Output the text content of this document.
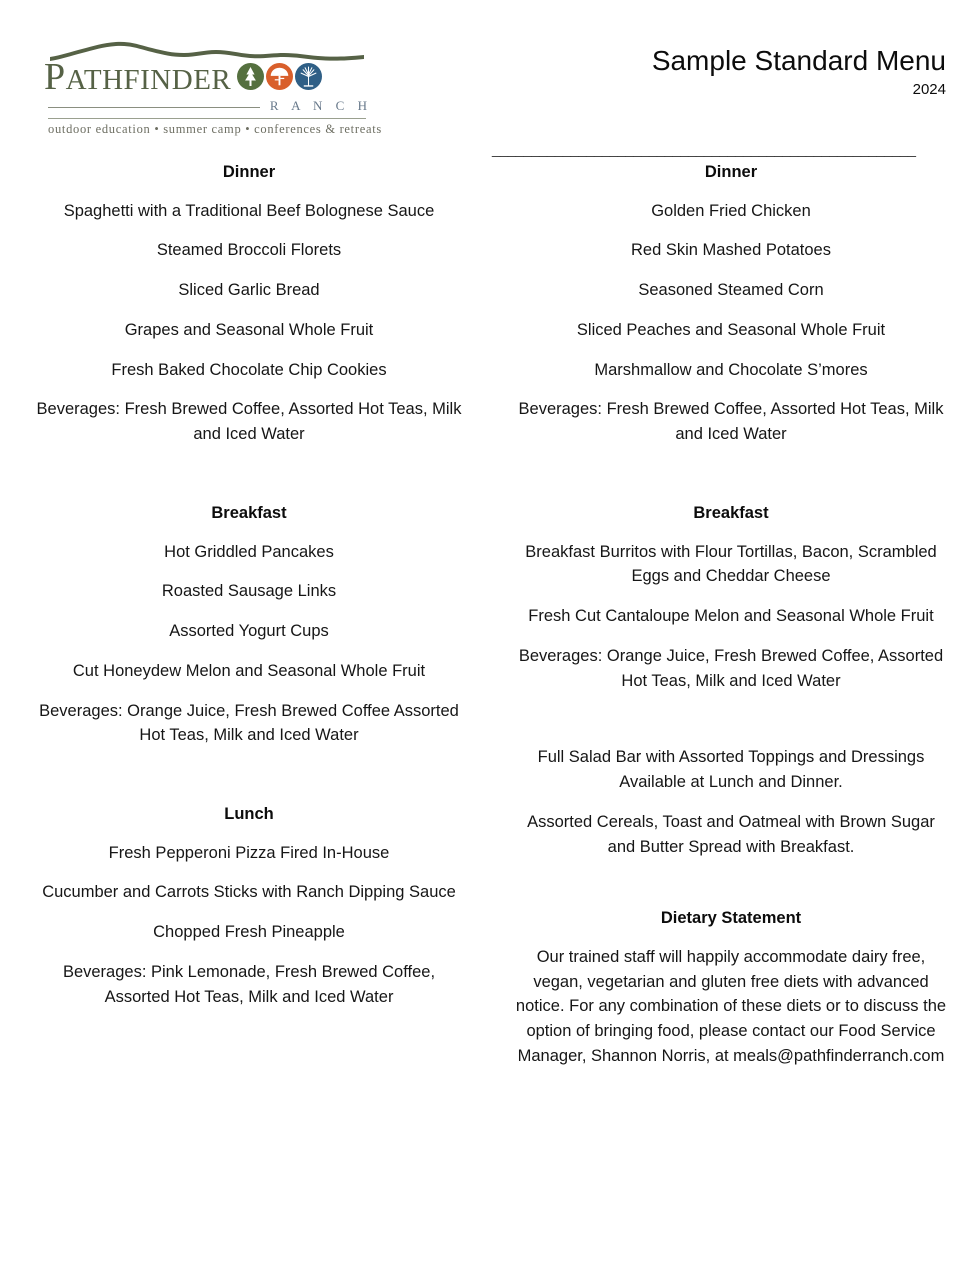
PATHFINDER
R A N C H
outdoor education • summer camp • conferences & retreats
Sample Standard Menu
2024
______________________________________________________
Dinner

Spaghetti with a Traditional Beef Bolognese Sauce

Steamed Broccoli Florets

Sliced Garlic Bread

Grapes and Seasonal Whole Fruit

Fresh Baked Chocolate Chip Cookies

Beverages: Fresh Brewed Coffee, Assorted Hot Teas, Milk and Iced Water

Breakfast

Hot Griddled Pancakes

Roasted Sausage Links

Assorted Yogurt Cups

Cut Honeydew Melon and Seasonal Whole Fruit

Beverages: Orange Juice, Fresh Brewed Coffee Assorted Hot Teas, Milk and Iced Water

Lunch

Fresh Pepperoni Pizza Fired In-House

Cucumber and Carrots Sticks with Ranch Dipping Sauce

Chopped Fresh Pineapple

Beverages: Pink Lemonade, Fresh Brewed Coffee, Assorted Hot Teas, Milk and Iced Water

Dinner

Golden Fried Chicken

Red Skin Mashed Potatoes

Seasoned Steamed Corn

Sliced Peaches and Seasonal Whole Fruit

Marshmallow and Chocolate S’mores

Beverages: Fresh Brewed Coffee, Assorted Hot Teas, Milk and Iced Water

Breakfast

Breakfast Burritos with Flour Tortillas, Bacon, Scrambled Eggs and Cheddar Cheese

Fresh Cut Cantaloupe Melon and Seasonal Whole Fruit

Beverages: Orange Juice, Fresh Brewed Coffee, Assorted Hot Teas, Milk and Iced Water

Full Salad Bar with Assorted Toppings and Dressings Available at Lunch and Dinner.

Assorted Cereals, Toast and Oatmeal with Brown Sugar and Butter Spread with Breakfast.

Dietary Statement

Our trained staff will happily accommodate dairy free, vegan, vegetarian and gluten free diets with advanced notice. For any combination of these diets or to discuss the option of bringing food, please contact our Food Service Manager, Shannon Norris, at meals@pathfinderranch.com
